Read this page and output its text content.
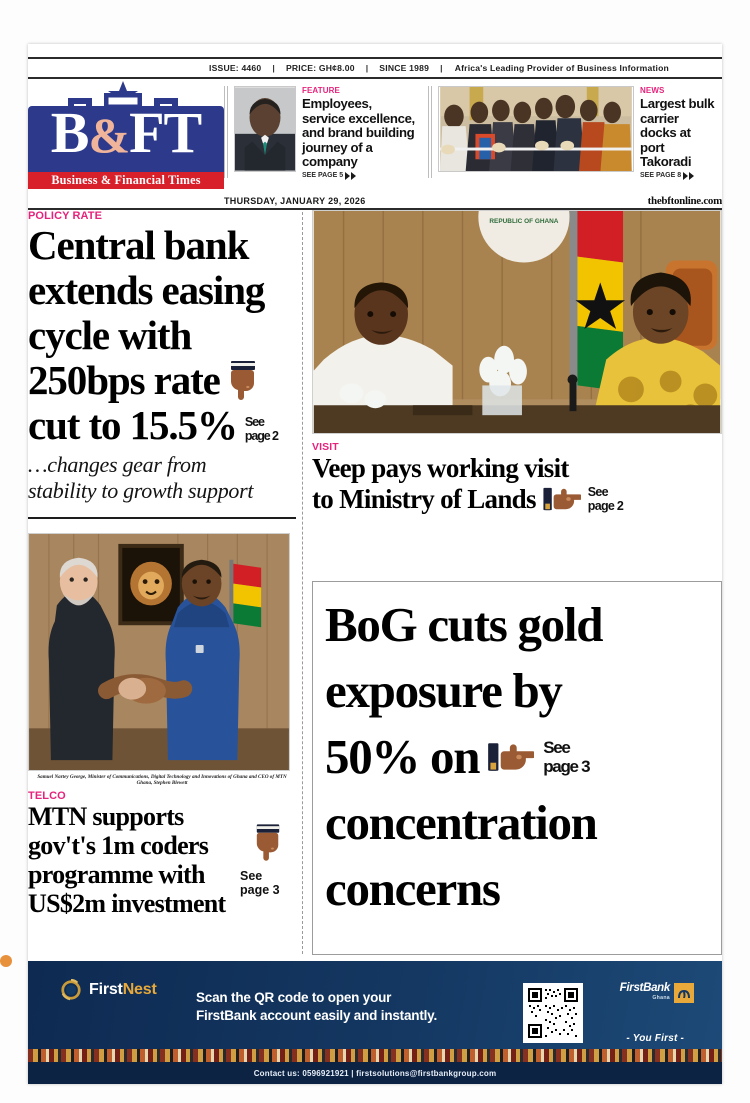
ISSUE: 4460	|	PRICE: GH¢8.00	|	SINCE 1989	|	Africa's Leading Provider of Business Information
B&FT
Business & Financial Times
FEATURE
Employees,
service excellence,
and brand building
journey of a company
SEE PAGE 5
NEWS
Largest bulk
carrier
docks at
port Takoradi
SEE PAGE 8
THURSDAY, JANUARY 29, 2026	thebftonline.com
POLICY RATE
Central bank
extends easing
cycle with
250bps rate
cut to 15.5% See
page 2
…changes gear from
stability to growth support
Samuel Nartey George, Minister of Communications, Digital Technology and Innovations of Ghana and CEO of MTN Ghana, Stephen Blewett
TELCO
MTN supports
gov't's 1m coders
programme with
US$2m investment
See
page 3
REPUBLIC OF GHANA
VISIT
Veep pays working visit
to Ministry of Lands	See
page 2
BoG cuts gold
exposure by
50% on	See
page 3
concentration
concerns
FirstNest	Scan the QR code to open your
FirstBank account easily and instantly.
FirstBank
Ghana
- You First -
Contact us: 0596921921 | firstsolutions@firstbankgroup.com
